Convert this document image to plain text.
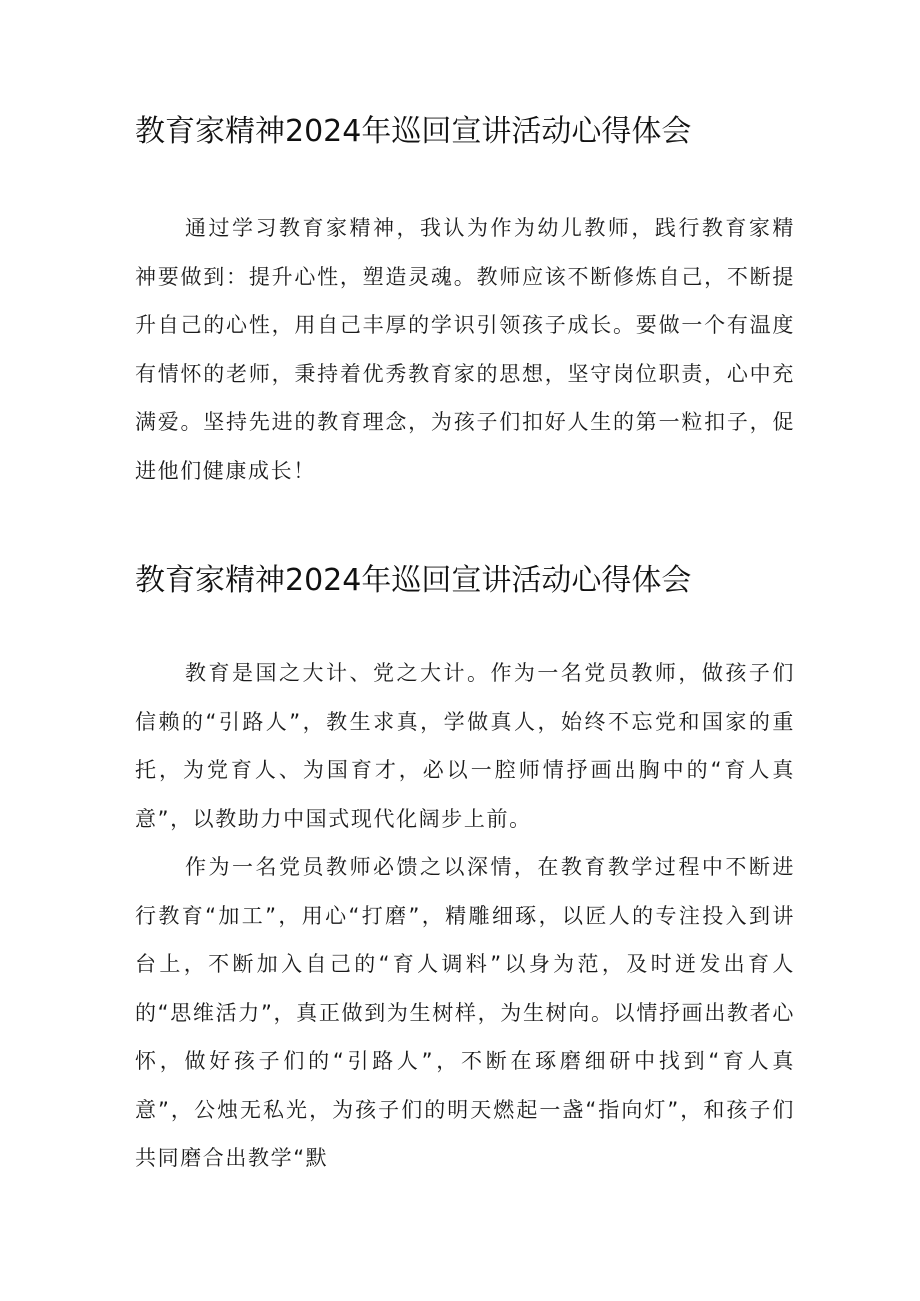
教育家精神2024年巡回宣讲活动心得体会

通过学习教育家精神，我认为作为幼儿教师，践行教育家精神要做到：提升心性，塑造灵魂。教师应该不断修炼自己，不断提升自己的心性，用自己丰厚的学识引领孩子成长。要做一个有温度有情怀的老师，秉持着优秀教育家的思想，坚守岗位职责，心中充满爱。坚持先进的教育理念，为孩子们扣好人生的第一粒扣子，促进他们健康成长！

教育家精神2024年巡回宣讲活动心得体会

教育是国之大计、党之大计。作为一名党员教师，做孩子们信赖的“引路人”，教生求真，学做真人，始终不忘党和国家的重托，为党育人、为国育才，必以一腔师情抒画出胸中的“育人真意”，以教助力中国式现代化阔步上前。

作为一名党员教师必馈之以深情，在教育教学过程中不断进行教育“加工”，用心“打磨”，精雕细琢，以匠人的专注投入到讲台上，不断加入自己的“育人调料”以身为范，及时迸发出育人的“思维活力”，真正做到为生树样，为生树向。以情抒画出教者心怀，做好孩子们的“引路人”，不断在琢磨细研中找到“育人真意”，公烛无私光，为孩子们的明天燃起一盏“指向灯”，和孩子们共同磨合出教学“默
